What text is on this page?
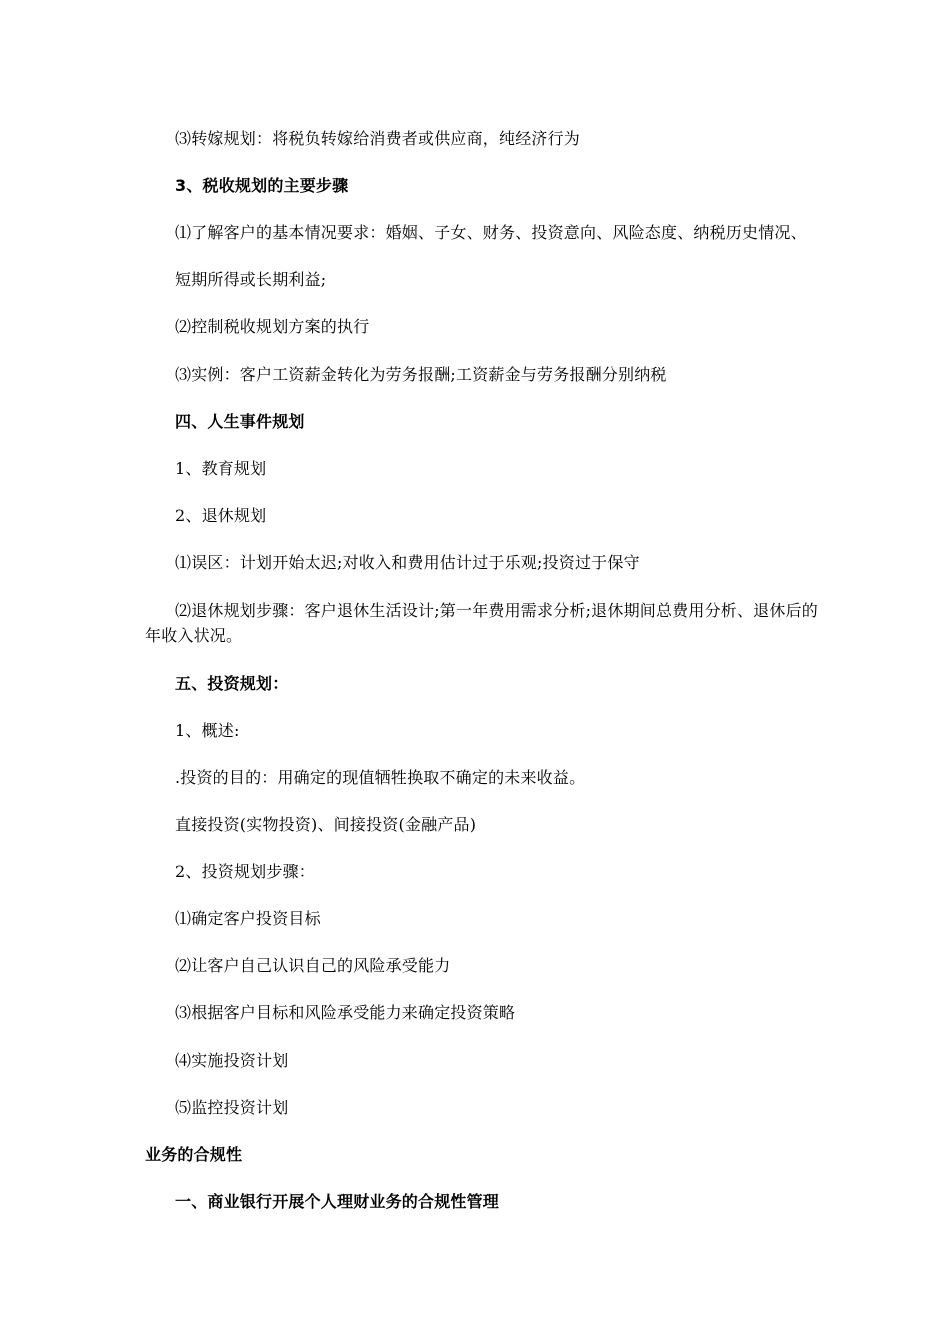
⑶转嫁规划：将税负转嫁给消费者或供应商，纯经济行为
3、税收规划的主要步骤
⑴了解客户的基本情况要求：婚姻、子女、财务、投资意向、风险态度、纳税历史情况、
短期所得或长期利益;
⑵控制税收规划方案的执行
⑶实例：客户工资薪金转化为劳务报酬;工资薪金与劳务报酬分别纳税
四、人生事件规划
1、教育规划
2、退休规划
⑴误区：计划开始太迟;对收入和费用估计过于乐观;投资过于保守
⑵退休规划步骤：客户退休生活设计;第一年费用需求分析;退休期间总费用分析、退休后的
年收入状况。
五、投资规划：
1、概述:
.投资的目的：用确定的现值牺牲换取不确定的未来收益。
直接投资(实物投资)、间接投资(金融产品)
2、投资规划步骤：
⑴确定客户投资目标
⑵让客户自己认识自己的风险承受能力
⑶根据客户目标和风险承受能力来确定投资策略
⑷实施投资计划
⑸监控投资计划
业务的合规性
一、商业银行开展个人理财业务的合规性管理
